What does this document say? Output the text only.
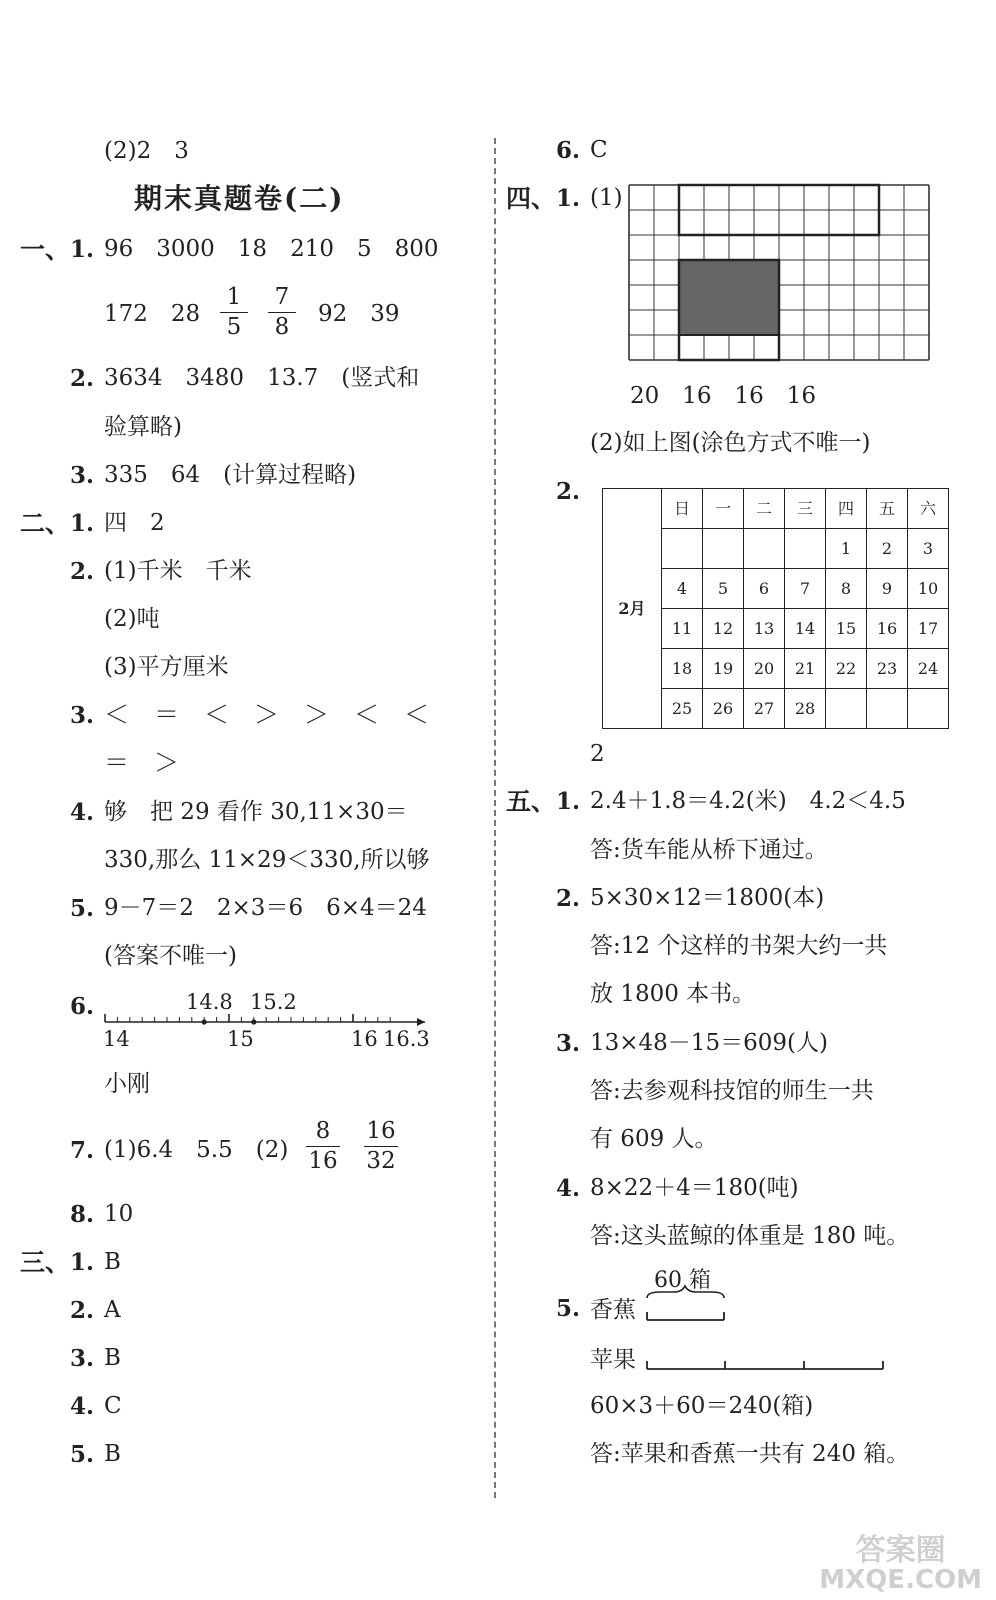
(2)2　3
期末真题卷(二)
一、 1. 96　3000　18　210　5　800
172　28
1
5
7
8 92　39
2. 3634　3480　13.7　(竖式和
验算略)
3. 335　64　(计算过程略)
二、 1. 四　2
2. (1)千米　千米
(2)吨
(3)平方厘米
3. ＜　＝　＜　＞　＞　＜　＜
＝　＞
4. 够　把 29 看作 30,11×30＝
330,那么 11×29＜330,所以够
5. 9－7＝2　2×3＝6　6×4＝24
(答案不唯一)
6.	14.8 15.2
14	15	16 16.3
小刚
7. (1)6.4　5.5　(2)
8
16
16
32
8. 10
三、 1. B
2. A
3. B
4. C
5. B
6. C
四、 1. (1)
20　16　16　16
(2)如上图(涂色方式不唯一)
2.
2月	日	一	二	三	四	五	六
					1	2	3
	4	5	6	7	8	9	10
	11	12	13	14	15	16	17
	18	19	20	21	22	23	24
	25	26	27	28			
2
五、 1. 2.4＋1.8＝4.2(米)　4.2＜4.5
答:货车能从桥下通过。
2. 5×30×12＝1800(本)
答:12 个这样的书架大约一共
放 1800 本书。
3. 13×48－15＝609(人)
答:去参观科技馆的师生一共
有 609 人。
4. 8×22＋4＝180(吨)
答:这头蓝鲸的体重是 180 吨。
5.
60 箱
香蕉
苹果
60×3＋60＝240(箱)
答:苹果和香蕉一共有 240 箱。
答案圈
MXQE.COM
